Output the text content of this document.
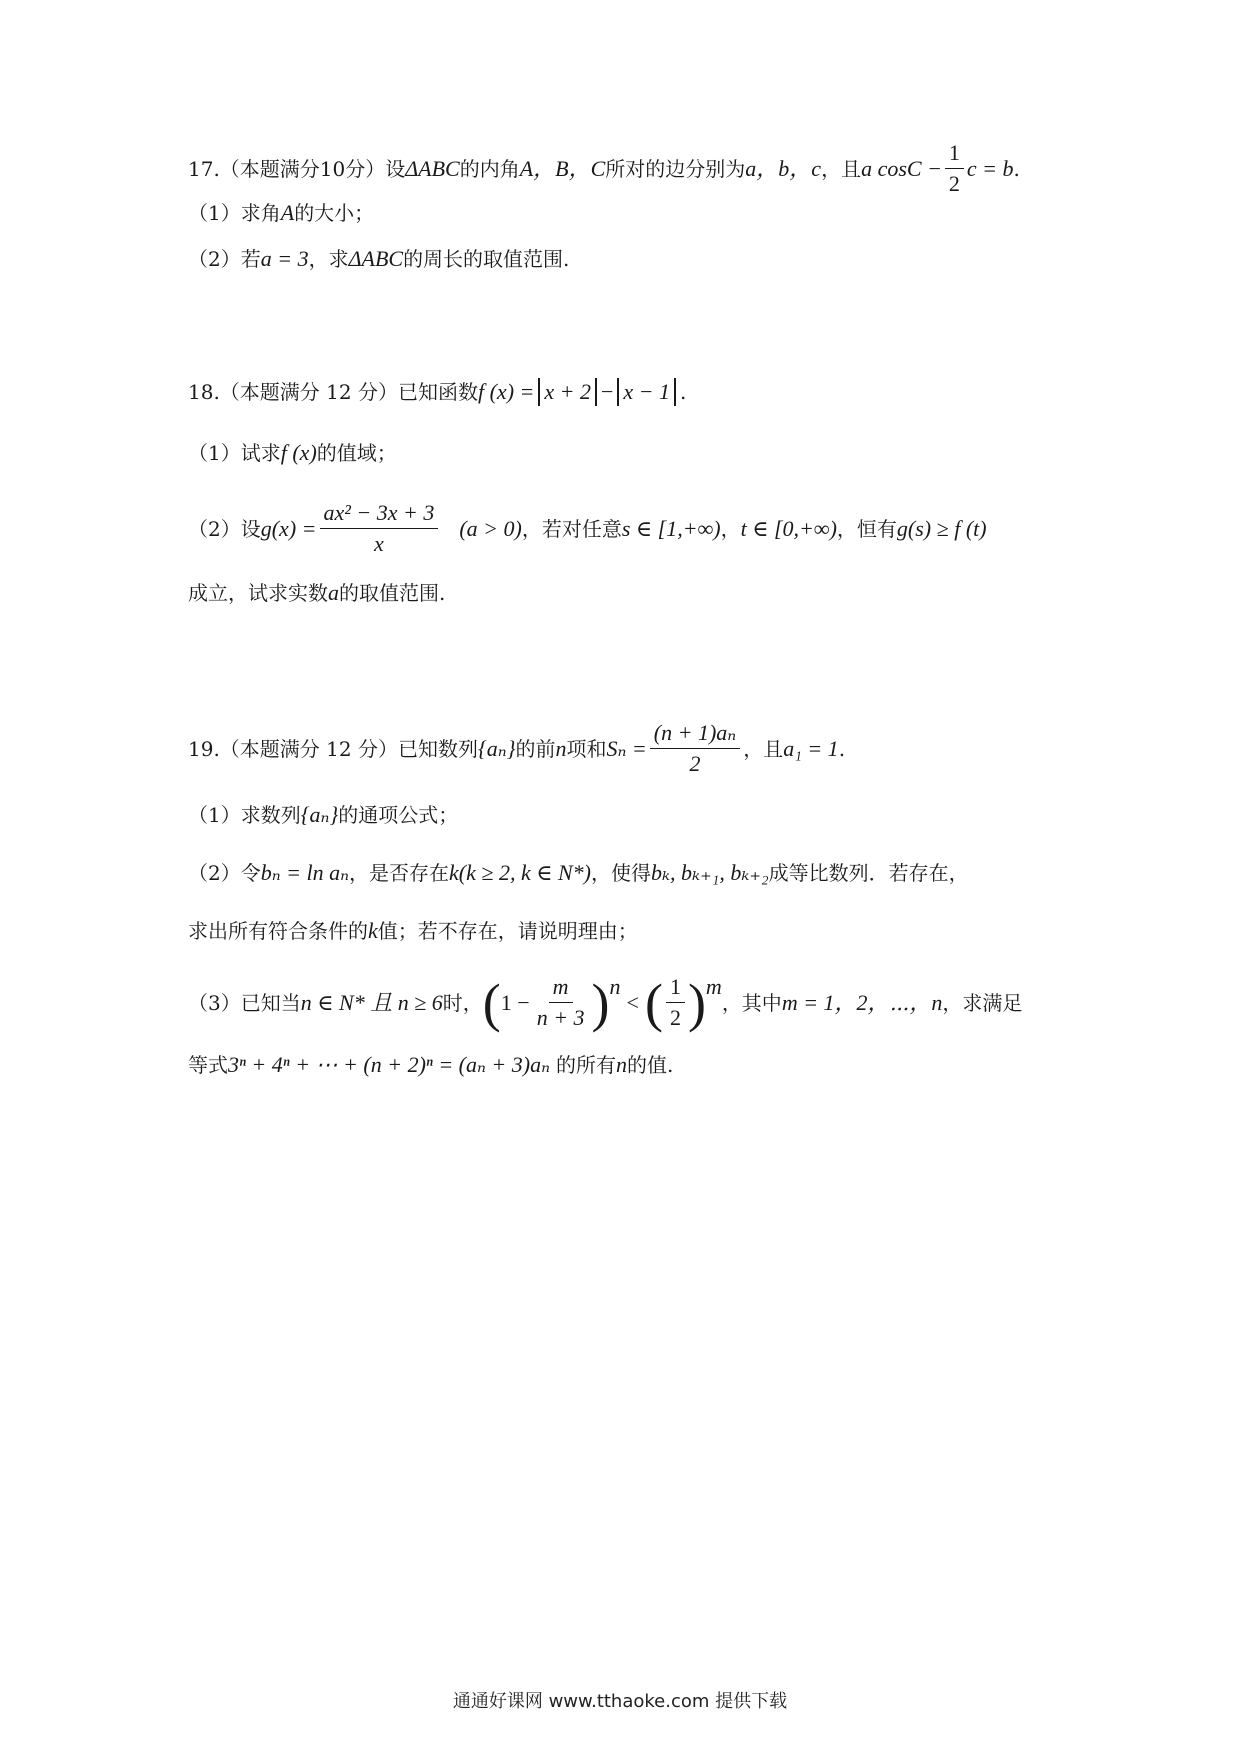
17.（本题满分10分）设 ΔABC 的内角 A，B，C 所对的边分别为 a，b，c ，且 a $\cos C - \frac{1}{2}$ c = b .
（1）求角 A 的大小；
（2）若 a = 3 ，求 ΔABC 的周长的取值范围.
18.（本题满分 12 分）已知函数 f (x) = x + 2 − x − 1 .
（1）试求 f (x) 的值域；
（2）设 $g(x) = \frac{\text{ax² − 3x + 3}}{x} (a > 0)$ ，若对任意 s ∈ [1,+∞) ， t ∈ [0,+∞) ，恒有 g(s) ≥ f (t)
成立，试求实数 a 的取值范围.
19.（本题满分 12 分）已知数列 {aₙ} 的前 n 项和 $S_n = \frac{\text{(n + 1)aₙ}}{2}$ ，且 a₁ = 1 .
（1）求数列 {aₙ} 的通项公式；
（2）令 bₙ = ln aₙ ，是否存在 k(k ≥ 2, k ∈ N*) ，使得 bₖ, bₖ₊₁, bₖ₊₂ 成等比数列．若存在，
求出所有符合条件的 k 值；若不存在，请说明理由；
（3）已知当 n ∈ N* 且 n ≥ 6 时， ( $1 - \frac{m}{n + 3}$ ) n
< ( $\frac{1}{2}$ ) m
，其中 m = 1，2，⋯，n ，求满足
等式 3ⁿ + 4ⁿ + ⋯ + (n + 2)ⁿ = (aₙ + 3) aₙ 的所有 n 的值.
通通好课网 www.tthaoke.com 提供下载
